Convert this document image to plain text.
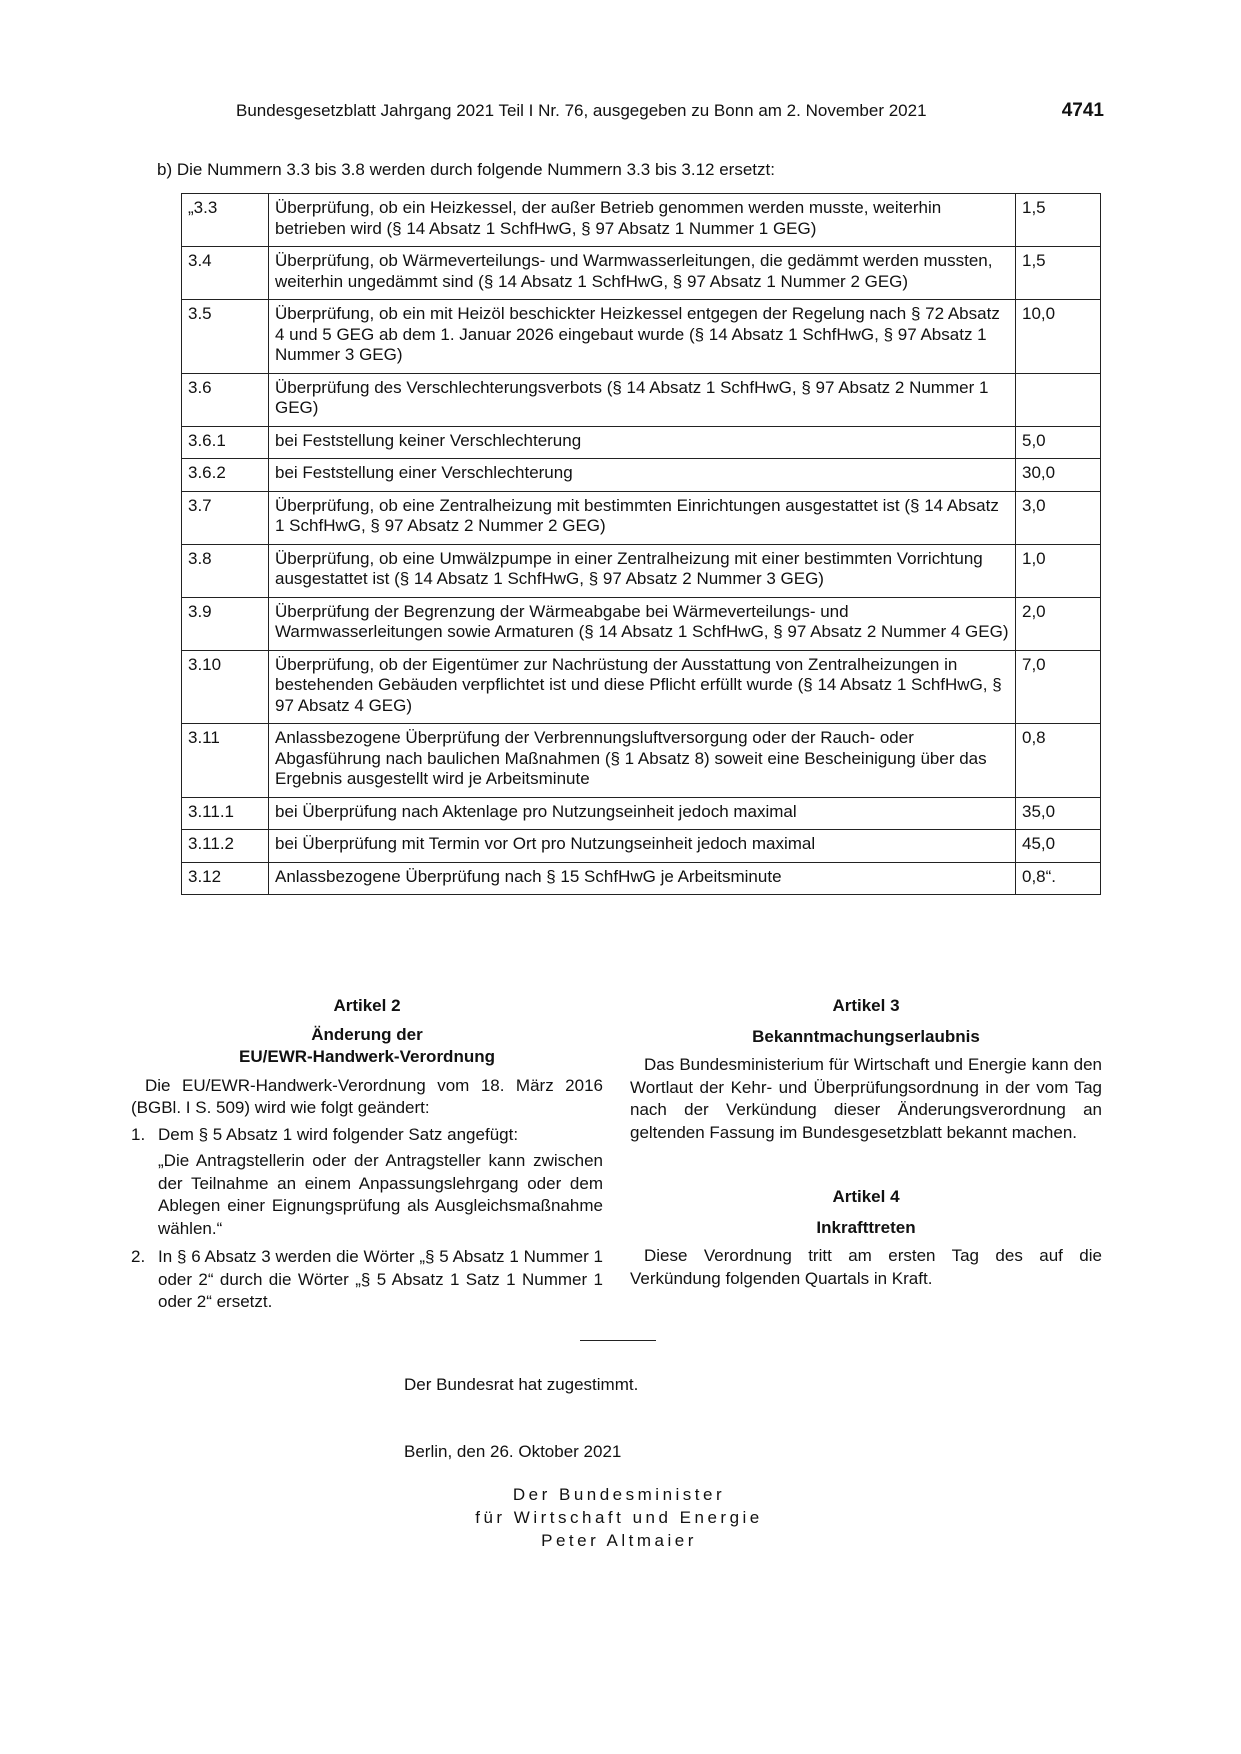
Bundesgesetzblatt Jahrgang 2021 Teil I Nr. 76, ausgegeben zu Bonn am 2. November 2021	4741
b) Die Nummern 3.3 bis 3.8 werden durch folgende Nummern 3.3 bis 3.12 ersetzt:
„3.3	Überprüfung, ob ein Heizkessel, der außer Betrieb genommen werden musste, weiterhin betrieben wird (§ 14 Absatz 1 SchfHwG, § 97 Absatz 1 Nummer 1 GEG)	1,5
3.4	Überprüfung, ob Wärmeverteilungs- und Warmwasserleitungen, die gedämmt werden mussten, weiterhin ungedämmt sind (§ 14 Absatz 1 SchfHwG, § 97 Absatz 1 Nummer 2 GEG)	1,5
3.5	Überprüfung, ob ein mit Heizöl beschickter Heizkessel entgegen der Regelung nach § 72 Absatz 4 und 5 GEG ab dem 1. Januar 2026 eingebaut wurde (§ 14 Absatz 1 SchfHwG, § 97 Absatz 1 Nummer 3 GEG)	10,0
3.6	Überprüfung des Verschlechterungsverbots (§ 14 Absatz 1 SchfHwG, § 97 Absatz 2 Nummer 1 GEG)	
3.6.1	bei Feststellung keiner Verschlechterung	5,0
3.6.2	bei Feststellung einer Verschlechterung	30,0
3.7	Überprüfung, ob eine Zentralheizung mit bestimmten Einrichtungen ausgestattet ist (§ 14 Absatz 1 SchfHwG, § 97 Absatz 2 Nummer 2 GEG)	3,0
3.8	Überprüfung, ob eine Umwälzpumpe in einer Zentralheizung mit einer bestimmten Vorrichtung ausgestattet ist (§ 14 Absatz 1 SchfHwG, § 97 Absatz 2 Nummer 3 GEG)	1,0
3.9	Überprüfung der Begrenzung der Wärmeabgabe bei Wärmeverteilungs- und Warmwasserleitungen sowie Armaturen (§ 14 Absatz 1 SchfHwG, § 97 Absatz 2 Nummer 4 GEG)	2,0
3.10	Überprüfung, ob der Eigentümer zur Nachrüstung der Ausstattung von Zentralheizungen in bestehenden Gebäuden verpflichtet ist und diese Pflicht erfüllt wurde (§ 14 Absatz 1 SchfHwG, § 97 Absatz 4 GEG)	7,0
3.11	Anlassbezogene Überprüfung der Verbrennungsluftversorgung oder der Rauch- oder Abgasführung nach baulichen Maßnahmen (§ 1 Absatz 8) soweit eine Bescheinigung über das Ergebnis ausgestellt wird je Arbeitsminute	0,8
3.11.1	bei Überprüfung nach Aktenlage pro Nutzungseinheit jedoch maximal	35,0
3.11.2	bei Überprüfung mit Termin vor Ort pro Nutzungseinheit jedoch maximal	45,0
3.12	Anlassbezogene Überprüfung nach § 15 SchfHwG je Arbeitsminute	0,8“.

Artikel 2

Änderung der
EU/EWR-Handwerk-Verordnung

Die EU/EWR-Handwerk-Verordnung vom 18. März 2016 (BGBl. I S. 509) wird wie folgt geändert:

1. Dem § 5 Absatz 1 wird folgender Satz angefügt:

„Die Antragstellerin oder der Antragsteller kann zwischen der Teilnahme an einem Anpassungslehrgang oder dem Ablegen einer Eignungsprüfung als Ausgleichsmaßnahme wählen.“

2. In § 6 Absatz 3 werden die Wörter „§ 5 Absatz 1 Nummer 1 oder 2“ durch die Wörter „§ 5 Absatz 1 Satz 1 Nummer 1 oder 2“ ersetzt.

Artikel 3

Bekanntmachungserlaubnis

Das Bundesministerium für Wirtschaft und Energie kann den Wortlaut der Kehr- und Überprüfungsordnung in der vom Tag nach der Verkündung dieser Änderungsverordnung an geltenden Fassung im Bundesgesetzblatt bekannt machen.

Artikel 4

Inkrafttreten

Diese Verordnung tritt am ersten Tag des auf die Verkündung folgenden Quartals in Kraft.

Der Bundesrat hat zugestimmt.
Berlin, den 26. Oktober 2021
Der Bundesminister
für Wirtschaft und Energie
Peter Altmaier
